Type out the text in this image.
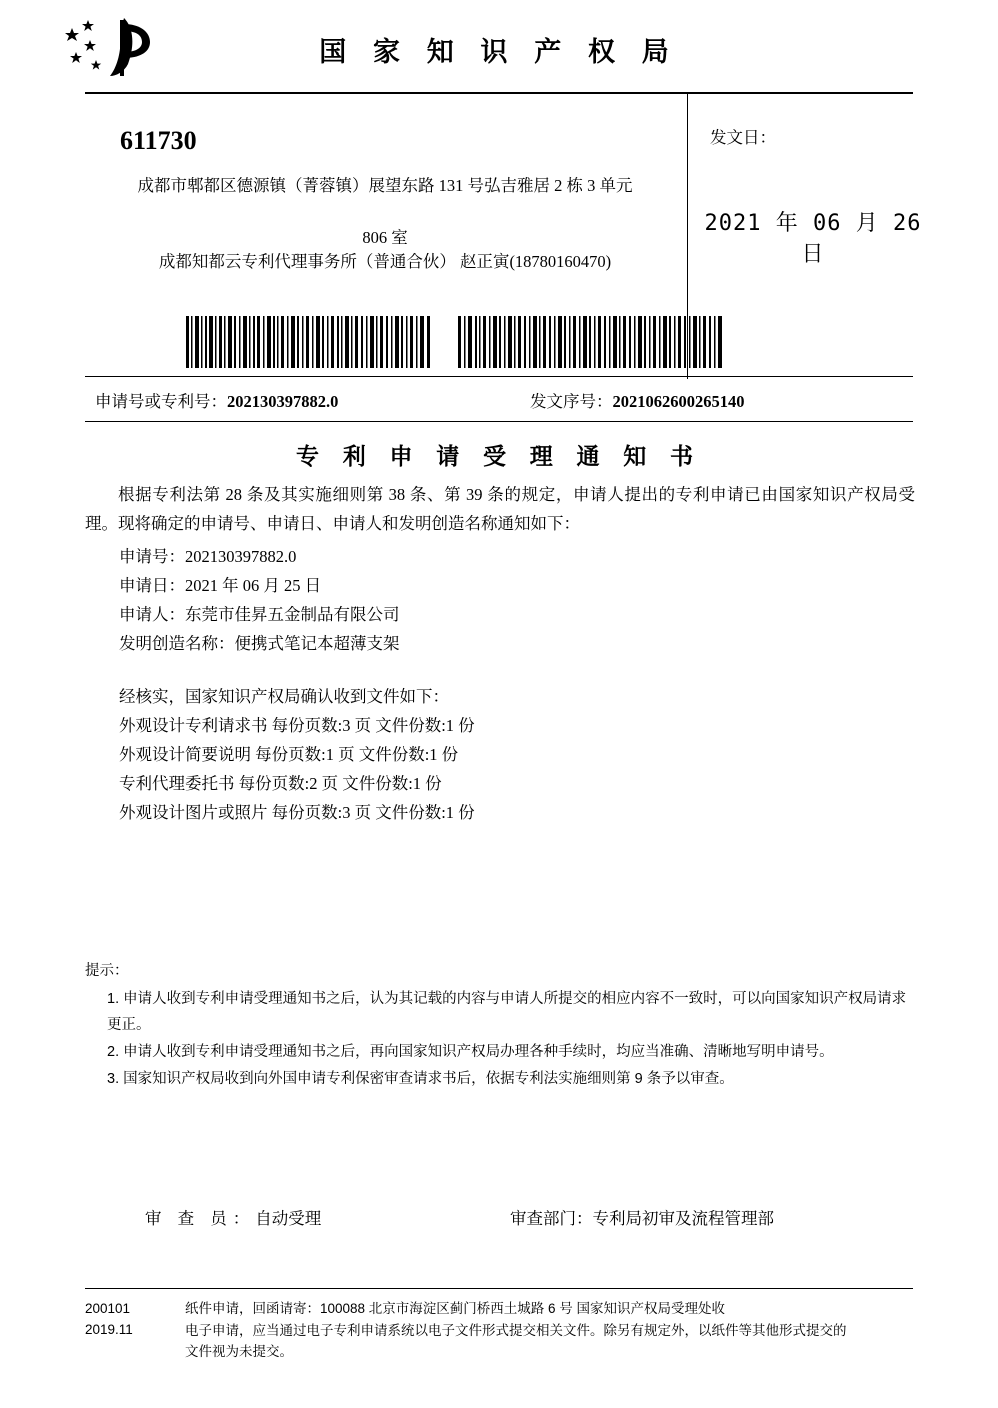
国 家 知 识 产 权 局
611730
成都市郫都区德源镇（菁蓉镇）展望东路 131 号弘吉雅居 2 栋 3 单元
806 室
成都知都云专利代理事务所（普通合伙） 赵正寅(18780160470)
发文日：
2021 年 06 月 26 日
申请号或专利号：202130397882.0	发文序号：2021062600265140
专 利 申 请 受 理 通 知 书

根据专利法第 28 条及其实施细则第 38 条、第 39 条的规定，申请人提出的专利申请已由国家知识产权局受理。现将确定的申请号、申请日、申请人和发明创造名称通知如下：

申请号：202130397882.0
申请日：2021 年 06 月 25 日
申请人：东莞市佳昇五金制品有限公司
发明创造名称：便携式笔记本超薄支架
经核实，国家知识产权局确认收到文件如下：
外观设计专利请求书 每份页数:3 页 文件份数:1 份
外观设计简要说明 每份页数:1 页 文件份数:1 份
专利代理委托书 每份页数:2 页 文件份数:1 份
外观设计图片或照片 每份页数:3 页 文件份数:1 份
提示：
1. 申请人收到专利申请受理通知书之后，认为其记载的内容与申请人所提交的相应内容不一致时，可以向国家知识产权局请求更正。
2. 申请人收到专利申请受理通知书之后，再向国家知识产权局办理各种手续时，均应当准确、清晰地写明申请号。
3. 国家知识产权局收到向外国申请专利保密审查请求书后，依据专利法实施细则第 9 条予以审查。
审 查 员：自动受理	审查部门：专利局初审及流程管理部
200101
2019.11
纸件申请，回函请寄：100088 北京市海淀区蓟门桥西土城路 6 号 国家知识产权局受理处收
电子申请，应当通过电子专利申请系统以电子文件形式提交相关文件。除另有规定外，以纸件等其他形式提交的
文件视为未提交。
